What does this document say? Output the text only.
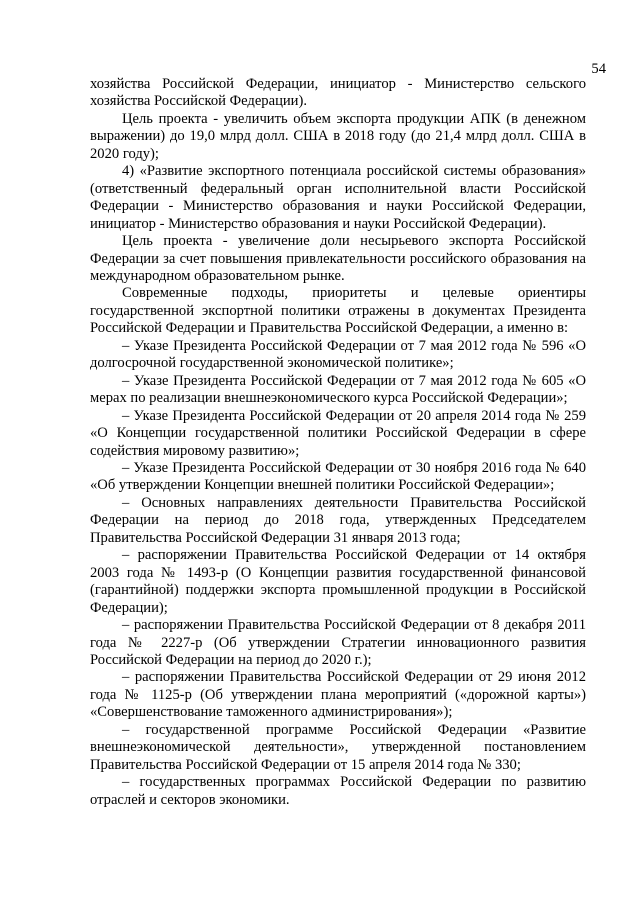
54

хозяйства Российской Федерации, инициатор - Министерство сельского хозяйства Российской Федерации).

Цель проекта - увеличить объем экспорта продукции АПК (в денежном выражении) до 19,0 млрд долл. США в 2018 году (до 21,4 млрд долл. США в 2020 году);

4) «Развитие экспортного потенциала российской системы образования» (ответственный федеральный орган исполнительной власти Российской Федерации - Министерство образования и науки Российской Федерации, инициатор - Министерство образования и науки Российской Федерации).

Цель проекта - увеличение доли несырьевого экспорта Российской Федерации за счет повышения привлекательности российского образования на международном образовательном рынке.

Современные подходы, приоритеты и целевые ориентиры государственной экспортной политики отражены в документах Президента Российской Федерации и Правительства Российской Федерации, а именно в:

– Указе Президента Российской Федерации от 7 мая 2012 года № 596 «О долгосрочной государственной экономической политике»;

– Указе Президента Российской Федерации от 7 мая 2012 года № 605 «О мерах по реализации внешнеэкономического курса Российской Федерации»;

– Указе Президента Российской Федерации от 20 апреля 2014 года № 259 «О Концепции государственной политики Российской Федерации в сфере содействия мировому развитию»;

– Указе Президента Российской Федерации от 30 ноября 2016 года № 640 «Об утверждении Концепции внешней политики Российской Федерации»;

– Основных направлениях деятельности Правительства Российской Федерации на период до 2018 года, утвержденных Председателем Правительства Российской Федерации 31 января 2013 года;

– распоряжении Правительства Российской Федерации от 14 октября 2003 года № 1493-р (О Концепции развития государственной финансовой (гарантийной) поддержки экспорта промышленной продукции в Российской Федерации);

– распоряжении Правительства Российской Федерации от 8 декабря 2011 года № 2227-р (Об утверждении Стратегии инновационного развития Российской Федерации на период до 2020 г.);

– распоряжении Правительства Российской Федерации от 29 июня 2012 года № 1125-р (Об утверждении плана мероприятий («дорожной карты») «Совершенствование таможенного администрирования»);

– государственной программе Российской Федерации «Развитие внешнеэкономической деятельности», утвержденной постановлением Правительства Российской Федерации от 15 апреля 2014 года № 330;

– государственных программах Российской Федерации по развитию отраслей и секторов экономики.
